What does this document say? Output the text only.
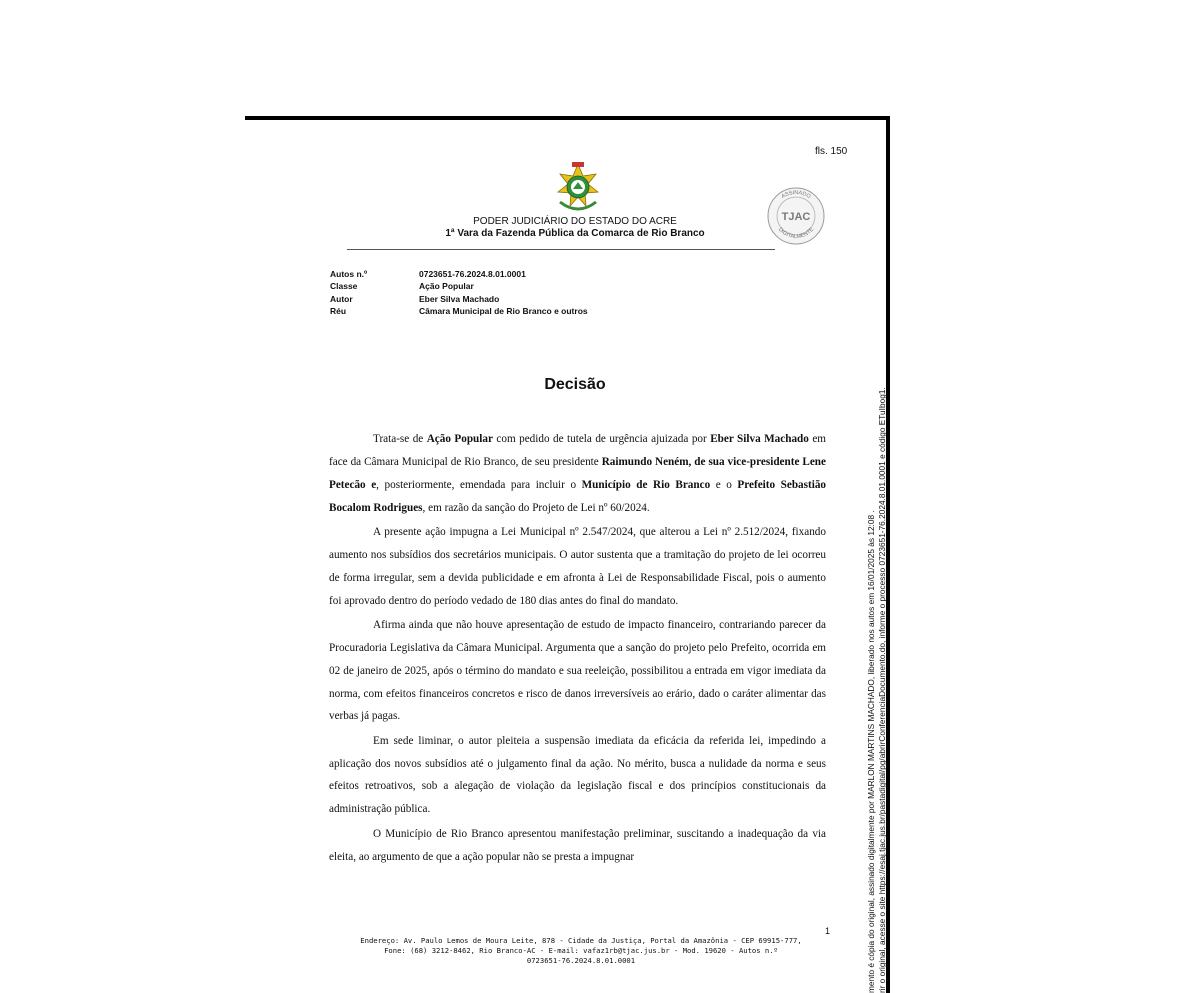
fls. 150
PODER JUDICIÁRIO DO ESTADO DO ACRE
1ª Vara da Fazenda Pública da Comarca de Rio Branco
ASSINADO
DIGITALMENTE
TJAC
Autos n.º	0723651-76.2024.8.01.0001
Classe	Ação Popular
Autor	Eber Silva Machado
Réu	Câmara Municipal de Rio Branco e outros
Decisão

Trata-se de Ação Popular com pedido de tutela de urgência ajuizada por Eber Silva Machado em face da Câmara Municipal de Rio Branco, de seu presidente Raimundo Neném, de sua vice-presidente Lene Petecão e, posteriormente, emendada para incluir o Município de Rio Branco e o Prefeito Sebastião Bocalom Rodrigues, em razão da sanção do Projeto de Lei nº 60/2024.

A presente ação impugna a Lei Municipal nº 2.547/2024, que alterou a Lei nº 2.512/2024, fixando aumento nos subsídios dos secretários municipais. O autor sustenta que a tramitação do projeto de lei ocorreu de forma irregular, sem a devida publicidade e em afronta à Lei de Responsabilidade Fiscal, pois o aumento foi aprovado dentro do período vedado de 180 dias antes do final do mandato.

Afirma ainda que não houve apresentação de estudo de impacto financeiro, contrariando parecer da Procuradoria Legislativa da Câmara Municipal. Argumenta que a sanção do projeto pelo Prefeito, ocorrida em 02 de janeiro de 2025, após o término do mandato e sua reeleição, possibilitou a entrada em vigor imediata da norma, com efeitos financeiros concretos e risco de danos irreversíveis ao erário, dado o caráter alimentar das verbas já pagas.

Em sede liminar, o autor pleiteia a suspensão imediata da eficácia da referida lei, impedindo a aplicação dos novos subsídios até o julgamento final da ação. No mérito, busca a nulidade da norma e seus efeitos retroativos, sob a alegação de violação da legislação fiscal e dos princípios constitucionais da administração pública.

O Município de Rio Branco apresentou manifestação preliminar, suscitando a inadequação da via eleita, ao argumento de que a ação popular não se presta a impugnar

1
Endereço: Av. Paulo Lemos de Moura Leite, 878 - Cidade da Justiça, Portal da Amazônia - CEP 69915-777,
Fone: (68) 3212-8462, Rio Branco-AC - E-mail: vafaz1rb@tjac.jus.br - Mod. 19620 - Autos n.º
0723651-76.2024.8.01.0001	mento é cópia do original, assinado digitalmente por MARLON MARTINS MACHADO, liberado nos autos em 16/01/2025 às 12:08 . rir o original, acesse o site https://esaj.tjac.jus.br/pastadigital/pg/abrirConferenciaDocumento.do, informe o processo 0723651-76.2024.8.01.0001 e código ETuIbog1.
